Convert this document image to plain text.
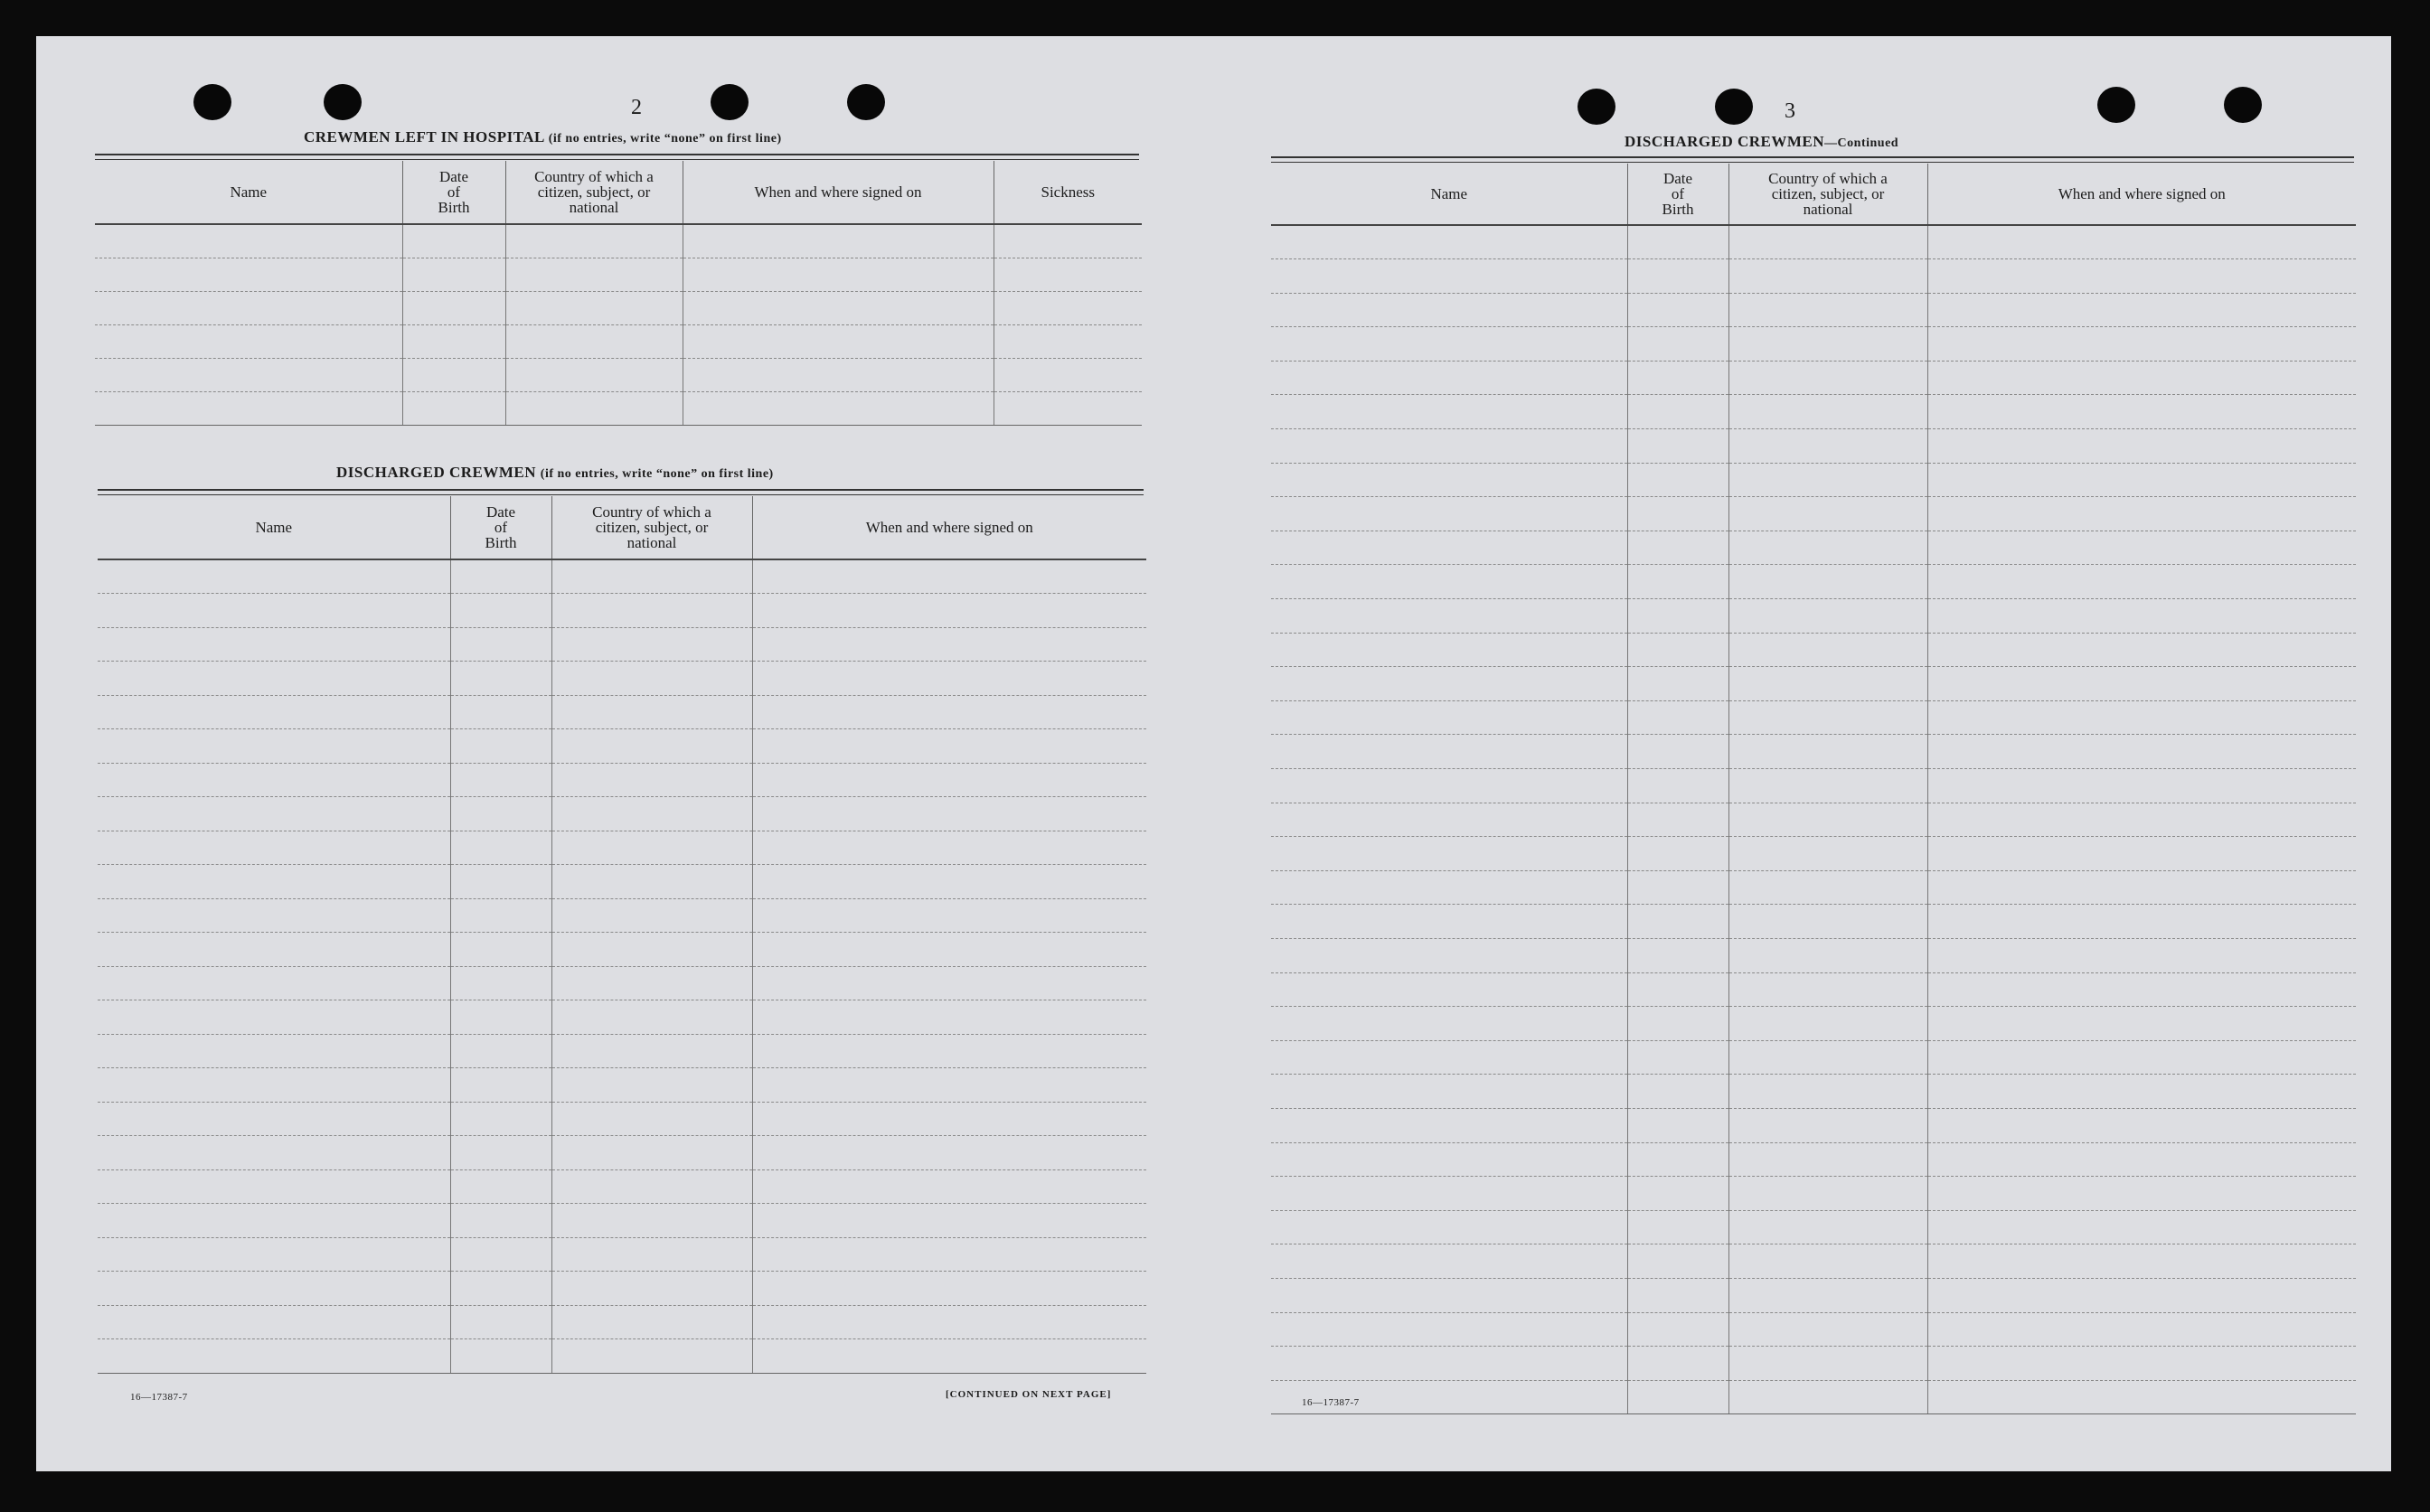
2
CREWMEN LEFT IN HOSPITAL (if no entries, write “none” on first line)
Name	Date
of
Birth	Country of which a
citizen, subject, or
national	When and where signed on	Sickness

DISCHARGED CREWMEN (if no entries, write “none” on first line)
Name	Date
of
Birth	Country of which a
citizen, subject, or
national	When and where signed on

16—17387-7	[CONTINUED ON NEXT PAGE]
3
DISCHARGED CREWMEN—Continued
Name	Date
of
Birth	Country of which a
citizen, subject, or
national	When and where signed on

16—17387-7
